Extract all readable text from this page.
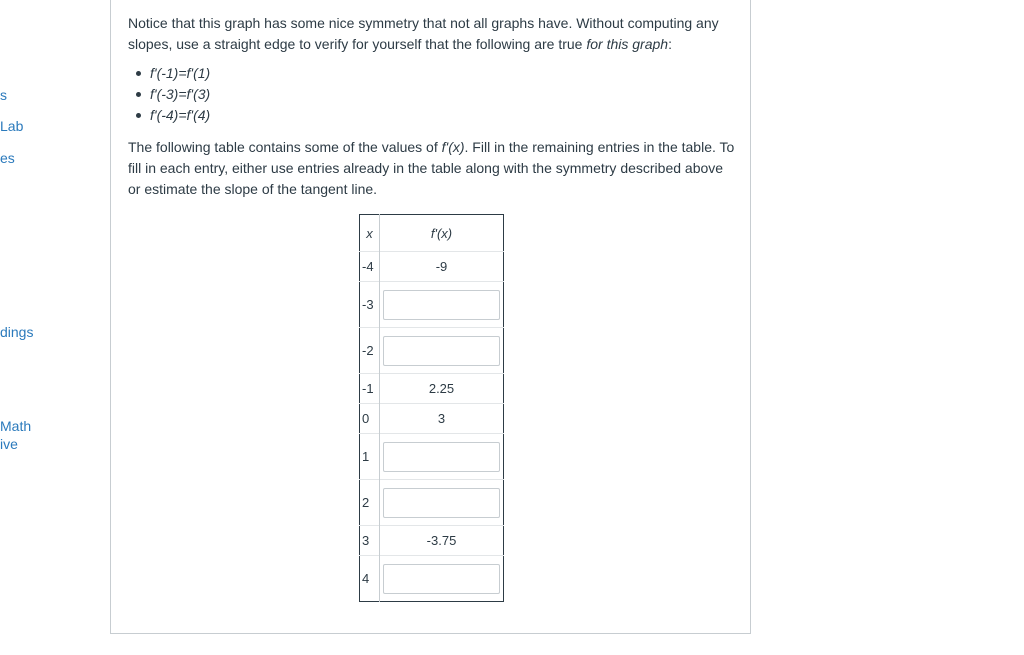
s
Lab
es
dings
Math
ive

Notice that this graph has some nice symmetry that not all graphs have. Without computing any slopes, use a straight edge to verify for yourself that the following are true for this graph:

f'(-1)=f'(1)
f'(-3)=f'(3)
f'(-4)=f'(4)

The following table contains some of the values of f'(x). Fill in the remaining entries in the table. To fill in each entry, either use entries already in the table along with the symmetry described above or estimate the slope of the tangent line.

x	f'(x)
-4	-9
-3	

-2	

-1	2.25
0	3
1	

2	

3	-3.75
4	
